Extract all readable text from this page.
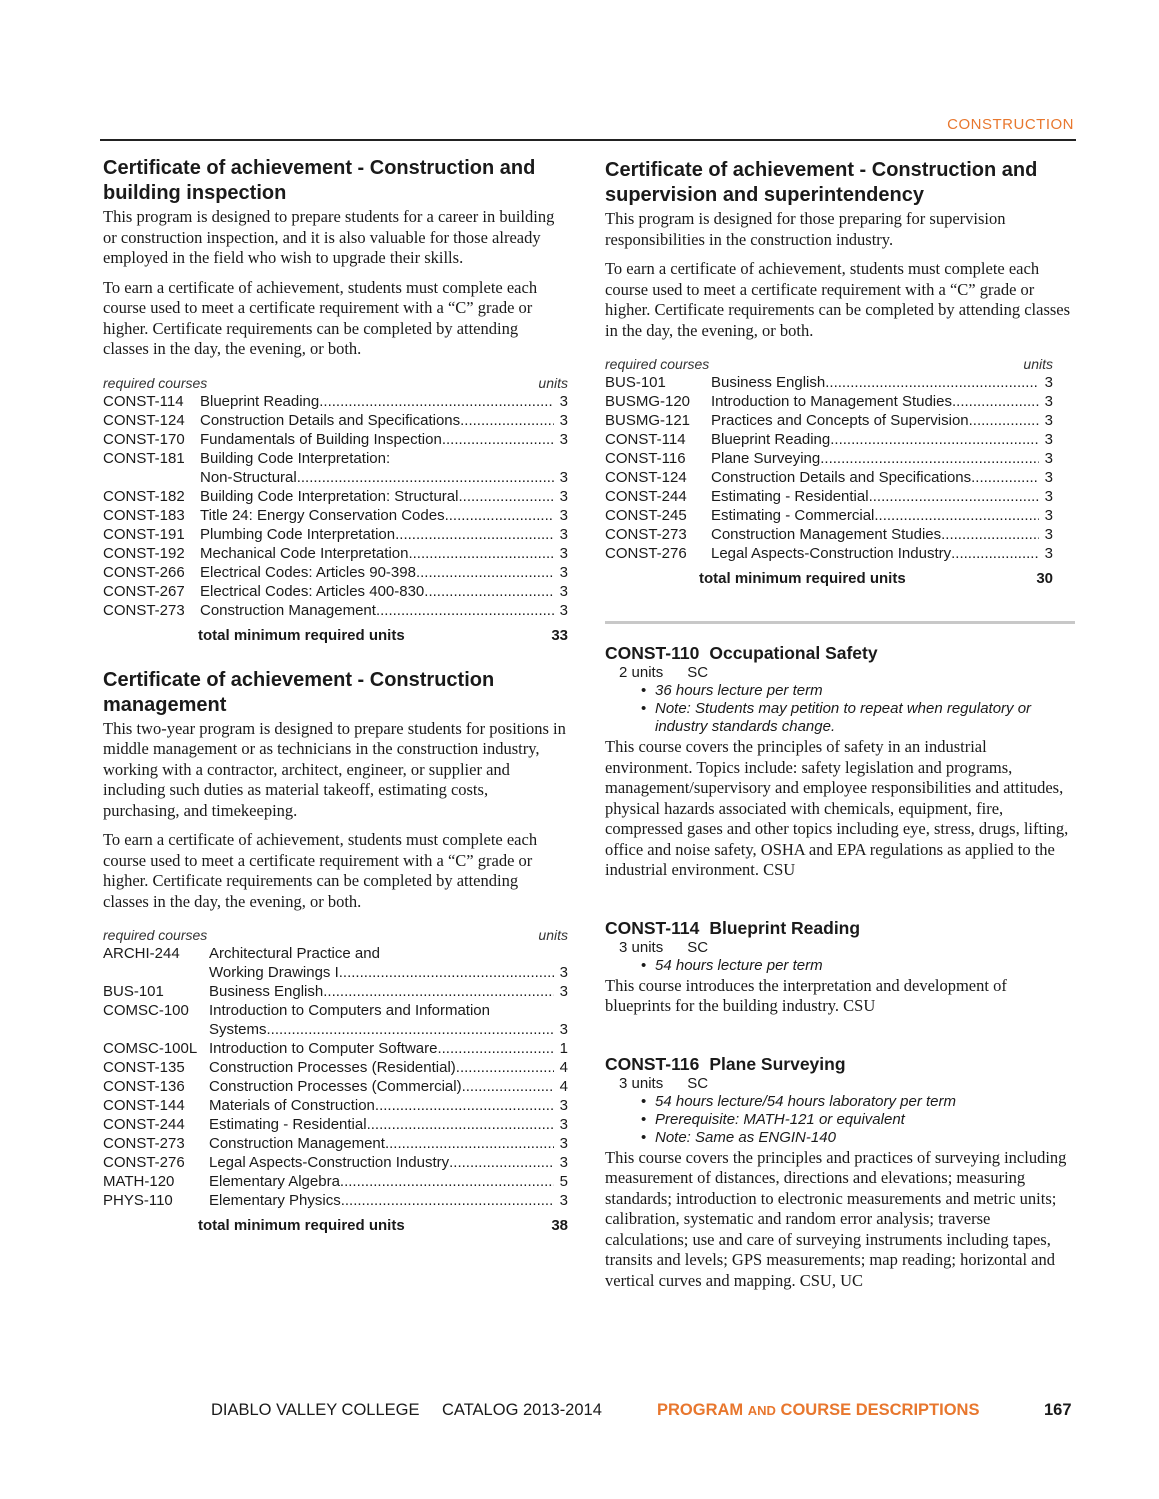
CONSTRUCTION
Certificate of achievement - Construction and building inspection

This program is designed to prepare students for a career in building or construction inspection, and it is also valuable for those already employed in the field who wish to upgrade their skills.

To earn a certificate of achievement, students must complete each course used to meet a certificate requirement with a “C” grade or higher. Certificate requirements can be completed by attending classes in the day, the evening, or both.

required courses	units
CONST-114	Blueprint Reading .....	3
CONST-124	Construction Details and Specifications .....	3
CONST-170	Fundamentals of Building Inspection .....	3
CONST-181	Building Code Interpretation:
Non-Structural .....	3
CONST-182	Building Code Interpretation: Structural .....	3
CONST-183	Title 24: Energy Conservation Codes .....	3
CONST-191	Plumbing Code Interpretation .....	3
CONST-192	Mechanical Code Interpretation .....	3
CONST-266	Electrical Codes: Articles 90-398 .....	3
CONST-267	Electrical Codes: Articles 400-830 .....	3
CONST-273	Construction Management .....	3
total minimum required units	33
Certificate of achievement - Construction management

This two-year program is designed to prepare students for positions in middle management or as technicians in the construction industry, working with a contractor, architect, engineer, or supplier and including such duties as material takeoff, estimating costs, purchasing, and timekeeping.

To earn a certificate of achievement, students must complete each course used to meet a certificate requirement with a “C” grade or higher. Certificate requirements can be completed by attending classes in the day, the evening, or both.

required courses	units
ARCHI-244	Architectural Practice and
Working Drawings I .....	3
BUS-101	Business English .....	3
COMSC-100	Introduction to Computers and Information
Systems .....	3
COMSC-100L Introduction to Computer Software .....	1
CONST-135	Construction Processes (Residential) .....	4
CONST-136	Construction Processes (Commercial) .....	4
CONST-144	Materials of Construction .....	3
CONST-244	Estimating - Residential .....	3
CONST-273	Construction Management .....	3
CONST-276	Legal Aspects-Construction Industry .....	3
MATH-120	Elementary Algebra .....	5
PHYS-110	Elementary Physics .....	3
total minimum required units	38
Certificate of achievement - Construction and supervision and superintendency

This program is designed for those preparing for supervision responsibilities in the construction industry.

To earn a certificate of achievement, students must complete each course used to meet a certificate requirement with a “C” grade or higher. Certificate requirements can be completed by attending classes in the day, the evening, or both.

required courses	units
BUS-101	Business English .....	3
BUSMG-120	Introduction to Management Studies .....	3
BUSMG-121	Practices and Concepts of Supervision .....	3
CONST-114	Blueprint Reading .....	3
CONST-116	Plane Surveying .....	3
CONST-124	Construction Details and Specifications .....	3
CONST-244	Estimating - Residential .....	3
CONST-245	Estimating - Commercial .....	3
CONST-273	Construction Management Studies .....	3
CONST-276	Legal Aspects-Construction Industry .....	3
total minimum required units	30
CONST-110 Occupational Safety
2 units SC
• 36 hours lecture per term
• Note: Students may petition to repeat when regulatory or industry standards change.

This course covers the principles of safety in an industrial environment. Topics include: safety legislation and programs, management/supervisory and employee responsibilities and attitudes, physical hazards associated with chemicals, equipment, fire, compressed gases and other topics including eye, stress, drugs, lifting, office and noise safety, OSHA and EPA regulations as applied to the industrial environment. CSU

CONST-114 Blueprint Reading
3 units SC
• 54 hours lecture per term

This course introduces the interpretation and development of blueprints for the building industry. CSU

CONST-116 Plane Surveying
3 units SC
• 54 hours lecture/54 hours laboratory per term
• Prerequisite: MATH-121 or equivalent
• Note: Same as ENGIN-140

This course covers the principles and practices of surveying including measurement of distances, directions and elevations; measuring standards; introduction to electronic measurements and metric units; calibration, systematic and random error analysis; traverse calculations; use and care of surveying instruments including tapes, transits and levels; GPS measurements; map reading; horizontal and vertical curves and mapping. CSU, UC

DIABLO VALLEY COLLEGE CATALOG 2013-2014	PROGRAM AND COURSE DESCRIPTIONS	167
